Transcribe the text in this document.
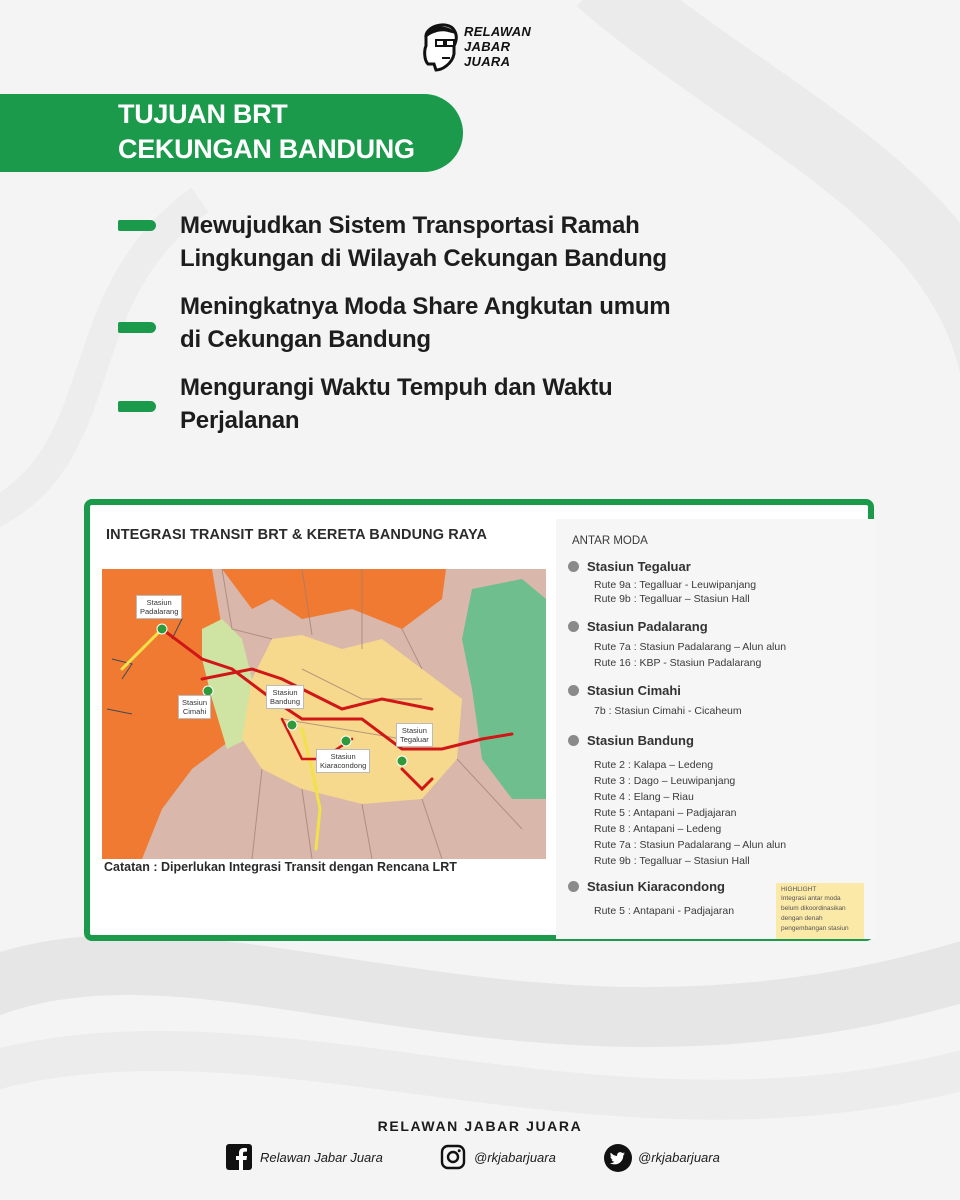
RELAWAN
JABAR
JUARA
TUJUAN BRT
CEKUNGAN BANDUNG
Mewujudkan Sistem Transportasi Ramah
Lingkungan di Wilayah Cekungan Bandung
Meningkatnya Moda Share Angkutan umum
di Cekungan Bandung
Mengurangi Waktu Tempuh dan Waktu
Perjalanan
INTEGRASI TRANSIT BRT & KERETA BANDUNG RAYA
Stasiun
Padalarang
Stasiun
Cimahi
Stasiun
Bandung
Stasiun
Kiaracondong
Stasiun
Tegaluar
Catatan : Diperlukan Integrasi Transit dengan Rencana LRT
ANTAR MODA
Stasiun Tegaluar
Rute 9a : Tegalluar - Leuwipanjang
Rute 9b : Tegalluar – Stasiun Hall
Stasiun Padalarang
Rute 7a : Stasiun Padalarang – Alun alun
Rute 16 : KBP - Stasiun Padalarang
Stasiun Cimahi
7b : Stasiun Cimahi - Cicaheum
Stasiun Bandung
Rute 2 : Kalapa – Ledeng
Rute 3 : Dago – Leuwipanjang
Rute 4 : Elang – Riau
Rute 5 : Antapani – Padjajaran
Rute 8 : Antapani – Ledeng
Rute 7a : Stasiun Padalarang – Alun alun
Rute 9b : Tegalluar – Stasiun Hall
Stasiun Kiaracondong
Rute 5 : Antapani - Padjajaran
HIGHLIGHT
Integrasi antar moda
belum dikoordinasikan
dengan denah
pengembangan stasiun
RELAWAN JABAR JUARA
Relawan Jabar Juara	@rkjabarjuara	@rkjabarjuara
